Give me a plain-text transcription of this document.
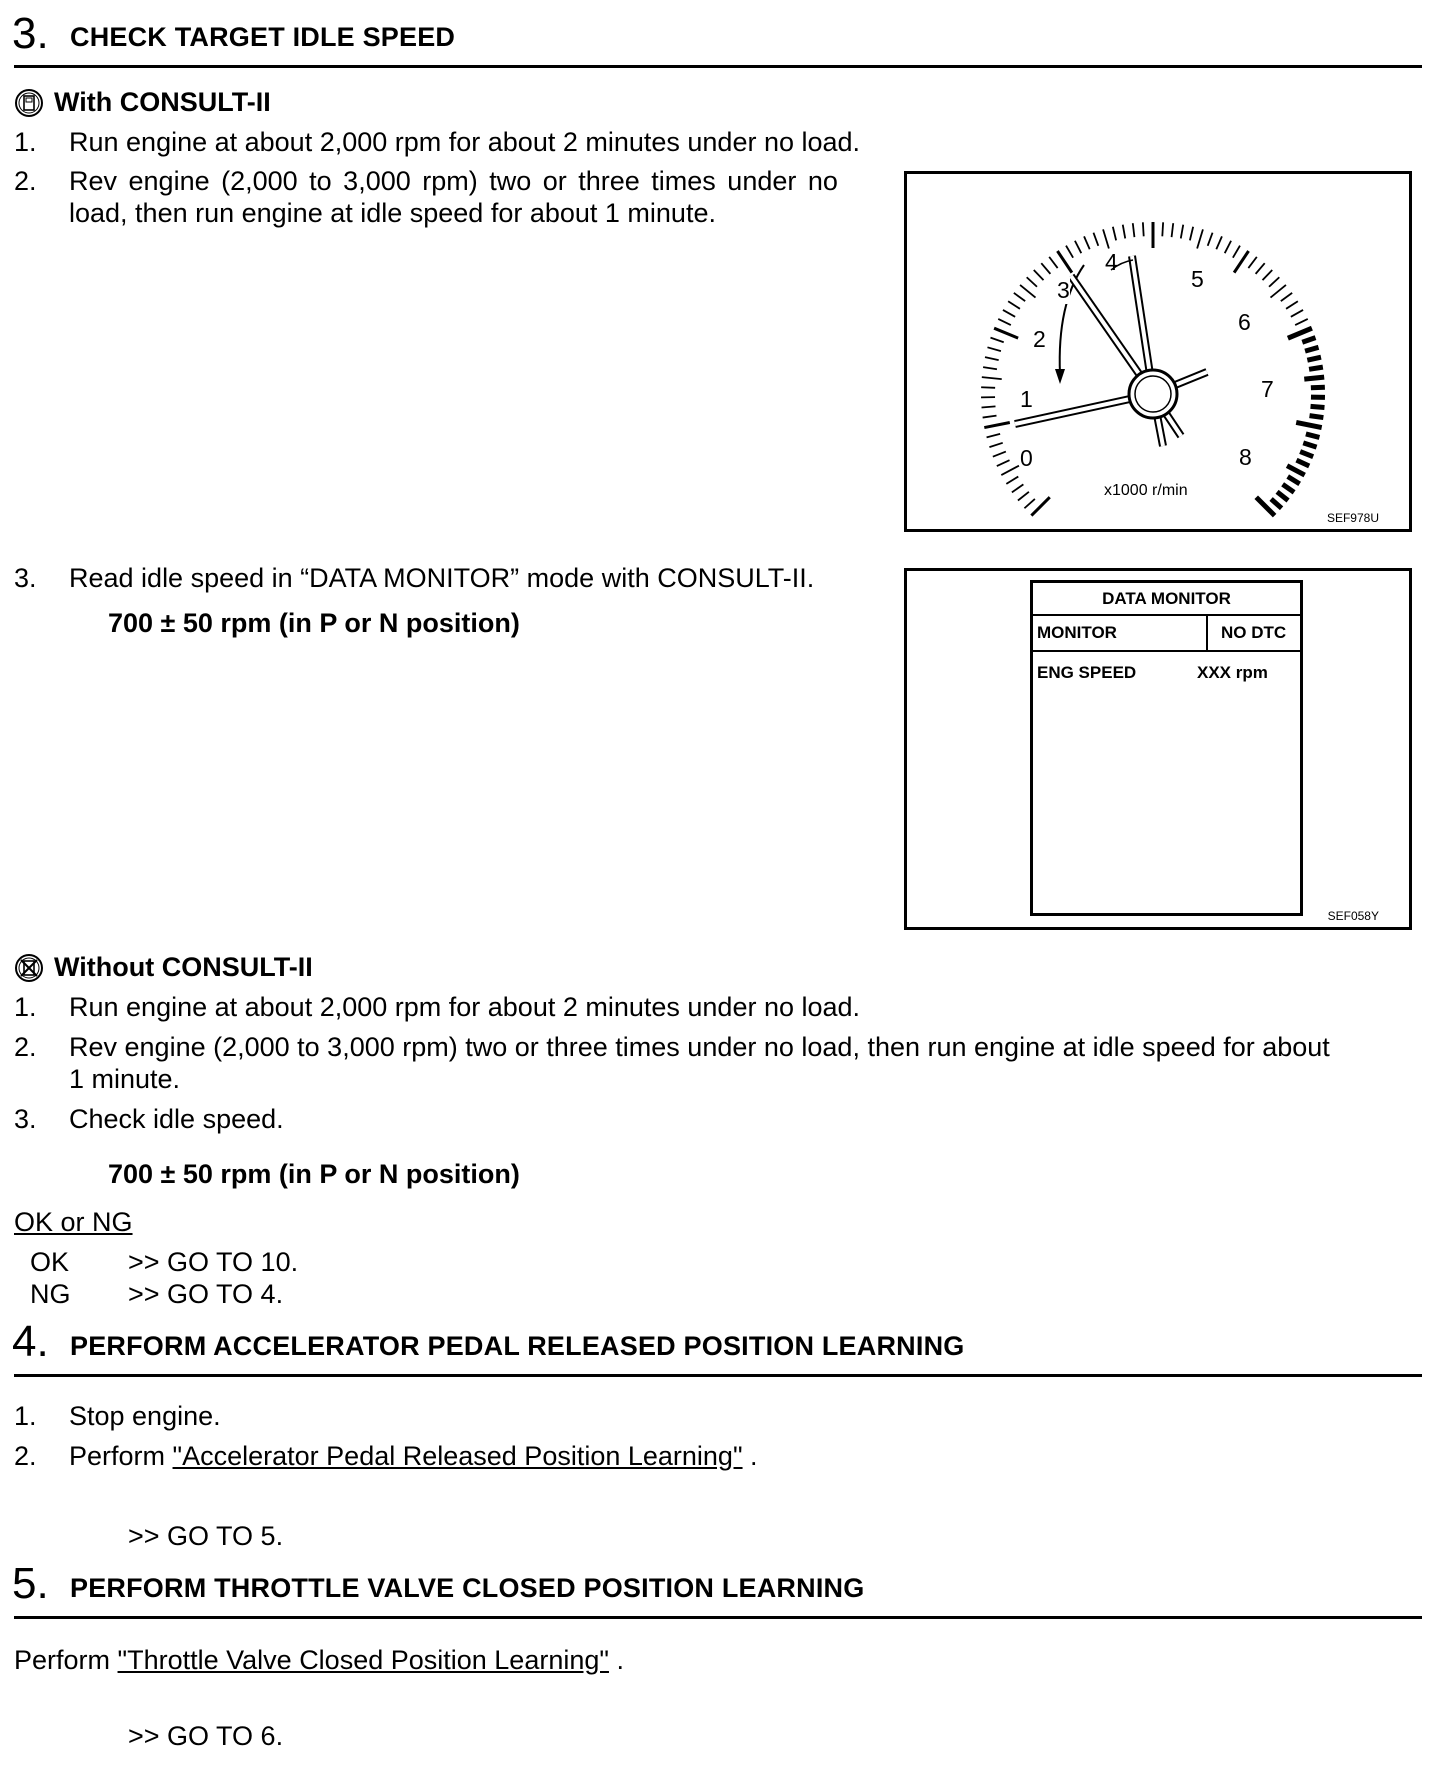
3. CHECK TARGET IDLE SPEED
With CONSULT-II
1. Run engine at about 2,000 rpm for about 2 minutes under no load.
2. Rev engine (2,000 to 3,000 rpm) two or three times under no
load, then run engine at idle speed for about 1 minute.
0
1
2
3
4
5
6
7
8
x1000 r/min
SEF978U
3. Read idle speed in “DATA MONITOR” mode with CONSULT-II.
700 ± 50 rpm (in P or N position)
DATA MONITOR
MONITOR	NO DTC
ENG SPEED	XXX rpm
SEF058Y
Without CONSULT-II
1. Run engine at about 2,000 rpm for about 2 minutes under no load.
2. Rev engine (2,000 to 3,000 rpm) two or three times under no load, then run engine at idle speed for about
1 minute.
3. Check idle speed.
700 ± 50 rpm (in P or N position)
OK or NG
OK >> GO TO 10.
NG >> GO TO 4.
4. PERFORM ACCELERATOR PEDAL RELEASED POSITION LEARNING
1. Stop engine.
2. Perform "Accelerator Pedal Released Position Learning" .
>> GO TO 5.
5. PERFORM THROTTLE VALVE CLOSED POSITION LEARNING
Perform "Throttle Valve Closed Position Learning" .
>> GO TO 6.
